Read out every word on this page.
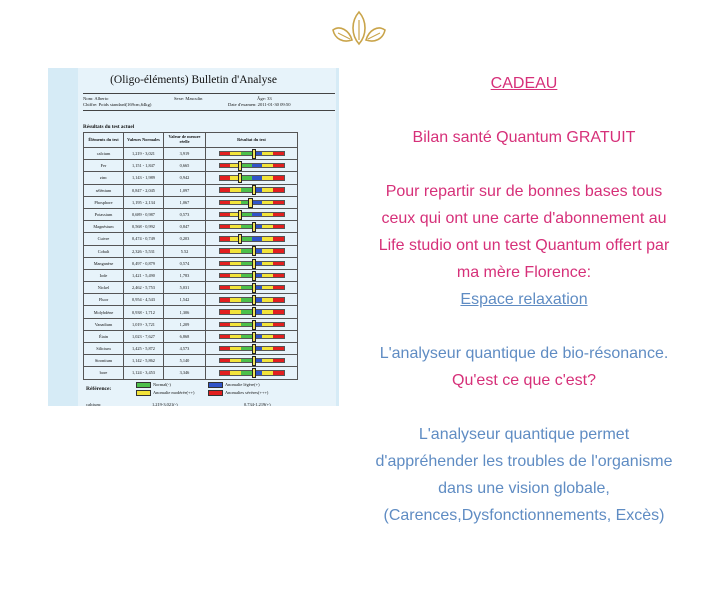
(Oligo-éléments) Bulletin d'Analyse
Nom: Alberto	Sexe: Masculin	Âge: 33
Chiffre: Poids standard(169cm,64kg)	Date d'examen: 2011-01-30 09:50
Résultats du test actuel
Éléments du test	Valeurs Normales	Valeur de mesure réelle	Résultat du test
calcium	1,219 - 3,021	3,919	

Fer	1,151 - 1,847	0,665	

zinc	1,143 - 1,989	0,942	

sélénium	0,847 - 2,045	1,097	

Phosphore	1,195 - 2,134	1,067	

Potassium	0,689 - 0,987	0,573	

Magnésium	0,568 - 0,992	0,847	

Cuivre	0,474 - 0,749	0,203	

Cobalt	2,326 - 5,531	5.52	

Manganèse	0,497 - 0,879	0,574	

Iode	1,421 - 5,490	1,783	

Nickel	2,462 - 5,753	5,031	

Fluor	0,954 - 4,543	1,542	

Molybdène	0,938 - 1,712	1,306	

Vanadium	1,019 - 3,721	1,209	

Étain	1,023 - 7,627	6,868	

Silicium	1,425 - 5,872	4,573	

Strontium	1,142 - 5,862	5,140	

bore	1,124 - 3,453	3,346	
Référence:
Normal(-)
Anomalie modérée(++)
Anomalie légère(+)
Anomalies sévères(+++)
calcium:	1,219-3,021(-)	0,734-1,219(+)

CADEAU

Bilan santé Quantum GRATUIT

Pour repartir sur de bonnes bases tous ceux qui ont une carte d'abonnement au Life studio ont un test Quantum offert par ma mère Florence:

Espace relaxation

L'analyseur quantique de bio-résonance.

Qu'est ce que c'est?

L'analyseur quantique permet d'appréhender les troubles de l'organisme dans une vision globale, (Carences,Dysfonctionnements, Excès)
